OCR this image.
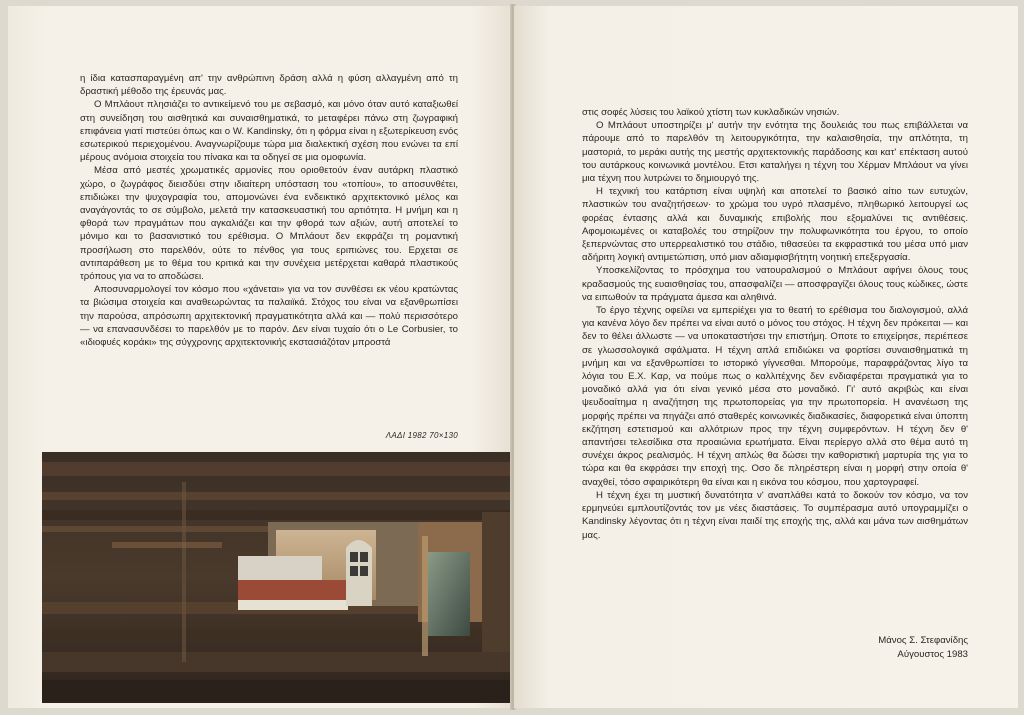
η ίδια κατασπαραγμένη απ' την ανθρώπινη δράση αλλά η φύση αλλαγμένη από τη δραστική μέθοδο της έρευνάς μας.

Ο Μπλάουτ πλησιάζει το αντικείμενό του με σεβασμό, και μόνο όταν αυτό καταξιωθεί στη συνείδηση του αισθητικά και συναισθηματικά, το μεταφέρει πάνω στη ζωγραφική επιφάνεια γιατί πιστεύει όπως και ο W. Kandinsky, ότι η φόρμα είναι η εξωτερίκευση ενός εσωτερικού περιεχομένου. Αναγνωρίζουμε τώρα μια διαλεκτική σχέση που ενώνει τα επί μέρους ανόμοια στοιχεία του πίνακα και τα οδηγεί σε μια ομοφωνία.

Μέσα από μεστές χρωματικές αρμονίες που οριοθετούν έναν αυτάρκη πλαστικό χώρο, ο ζωγράφος διεισδύει στην ιδιαίτερη υπόσταση του «τοπίου», το αποσυνθέτει, επιδιώκει την ψυχογραφία του, απομονώνει ένα ενδεικτικό αρχιτεκτονικό μέλος και αναγάγοντάς το σε σύμβολο, μελετά την κατασκευαστική του αρτιότητα. Η μνήμη και η φθορά των πραγμάτων που αγκαλιάζει και την φθορά των αξιών, αυτή αποτελεί το μόνιμο και το βασανιστικό του ερέθισμα. Ο Μπλάουτ δεν εκφράζει τη ρομαντική προσήλωση στο παρελθόν, ούτε το πένθος για τους εριπιώνες του. Ερχεται σε αντιπαράθεση με το θέμα του κριτικά και την συνέχεια μετέρχεται καθαρά πλαστικούς τρόπους για να το αποδώσει.

Αποσυναρμολογεί τον κόσμο που «χάνεται» για να τον συνθέσει εκ νέου κρατώντας τα βιώσιμα στοιχεία και αναθεωρώντας τα παλαιϊκά. Στόχος του είναι να εξανθρωπίσει την παρούσα, απρόσωπη αρχιτεκτονική πραγματικότητα αλλά και — πολύ περισσότερο — να επανασυνδέσει το παρελθόν με το παρόν. Δεν είναι τυχαίο ότι ο Le Corbusier, το «ιδιοφυές κοράκι» της σύγχρονης αρχιτεκτονικής εκστασιάζόταν μπροστά

ΛΑΔΙ 1982 70×130

στις σοφές λύσεις του λαϊκού χτίστη των κυκλαδικών νησιών.

Ο Μπλάουτ υποστηρίζει μ' αυτήν την ενότητα της δουλειάς του πως επιβάλλεται να πάρουμε από το παρελθόν τη λειτουργικότητα, την καλαισθησία, την απλότητα, τη μαστοριά, το μεράκι αυτής της μεστής αρχιτεκτονικής παράδοσης και κατ' επέκταση αυτού του αυτάρκους κοινωνικά μοντέλου. Ετσι καταλήγει η τέχνη του Χέρμαν Μπλάουτ να γίνει μια τέχνη που λυτρώνει το δημιουργό της.

Η τεχνική του κατάρτιση είναι υψηλή και αποτελεί το βασικό αίτιο των ευτυχών, πλαστικών του αναζητήσεων· το χρώμα του υγρό πλασμένο, πληθωρικό λειτουργεί ως φορέας έντασης αλλά και δυναμικής επιβολής που εξομαλύνει τις αντιθέσεις. Αφομοιωμένες οι καταβολές του στηρίζουν την πολυφωνικότητα του έργου, το οποίο ξεπερνώντας στο υπερρεαλιστικό του στάδιο, τιθασεύει τα εκφραστικά του μέσα υπό μιαν αδήριτη λογική αντιμετώπιση, υπό μιαν αδιαμφισβήτητη νοητική επεξεργασία.

Υποσκελίζοντας το πρόσχημα του νατουραλισμού ο Μπλάουτ αφήνει όλους τους κραδασμούς της ευαισθησίας του, απασφαλίζει — αποσφραγίζει όλους τους κώδικες, ώστε να ειπωθούν τα πράγματα άμεσα και αληθινά.

Το έργο τέχνης οφείλει να εμπερiέχει για το θεατή το ερέθισμα του διαλογισμού, αλλά για κανένα λόγο δεν πρέπει να είναι αυτό ο μόνος του στόχος. Η τέχνη δεν πρόκειται — και δεν το θέλει άλλωστε — να υποκαταστήσει την επιστήμη. Οποτε το επιχείρησε, περιέπεσε σε γλωσσολογικά σφάλματα. Η τέχνη απλά επιδιώκει να φορτίσει συναισθηματικά τη μνήμη και να εξανθρωπίσει το ιστορικό γίγνεσθαι. Μπορούμε, παραφράζοντας λίγο τα λόγια του Ε.Χ. Καρ, να πούμε πως ο καλλιτέχνης δεν ενδιαφέρεται πραγματικά για το μοναδικό αλλά για ότι είναι γενικό μέσα στο μοναδικό. Γι' αυτό ακριβώς και είναι ψευδοαίτημα η αναζήτηση της πρωτοπορείας για την πρωτοπορεία. Η ανανέωση της μορφής πρέπει να πηγάζει από σταθερές κοινωνικές διαδικασίες, διαφορετικά είναι ύποπτη εκζήτηση εστετισμού και αλλότριων προς την τέχνη συμφερόντων. Η τέχνη δεν θ' απαντήσει τελεσίδικα στα προαιώνια ερωτήματα. Είναι περίεργο αλλά στο θέμα αυτό τη συνέχει άκρος ρεαλισμός. Η τέχνη απλώς θα δώσει την καθοριστική μαρτυρία της για το τώρα και θα εκφράσει την εποχή της. Οσο δε πληρέστερη είναι η μορφή στην οποία θ' αναχθεί, τόσο σφαιρικότερη θα είναι και η εικόνα του κόσμου, που χαρτογραφεί.

Η τέχνη έχει τη μυστική δυνατότητα ν' αναπλάθει κατά το δοκούν τον κόσμο, να τον ερμηνεύει εμπλουτίζοντάς τον με νέες διαστάσεις. Το συμπέρασμα αυτό υπογραμμίζει ο Kandinsky λέγοντας ότι η τέχνη είναι παιδί της εποχής της, αλλά και μάνα των αισθημάτων μας.

Μάνος Σ. Στεφανίδης
Αύγουστος 1983
